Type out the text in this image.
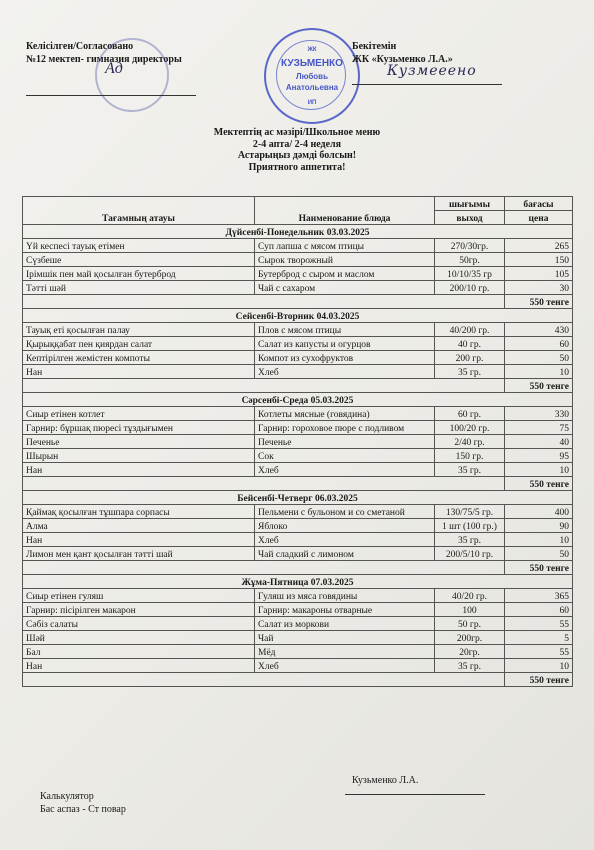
Келісілген/Согласовано
№12 мектеп- гимназия директоры
Ад
ЖК
КУЗЬМЕНКО
Любовь
Анатольевна
ИП
Бекітемін
ЖК «Кузьменко Л.А.»
Кузмееено
Мектептің ас мәзірі/Школьное меню
2-4 апта/ 2-4 неделя
Астарыңыз дәмді болсын!
Приятного аппетита!
Тағамның атауы	Наименование блюда	шығымы	бағасы
		выход	цена
Дүйсенбі-Понедельник 03.03.2025			
Үй кеспесі тауық етімен	Суп лапша с мясом птицы	270/30гр.	265
Сүзбеше	Сырок творожный	50гр.	150
Ірімшік пен май қосылған бутерброд	Бутерброд с сыром и маслом	10/10/35 гр	105
Тәтті шәй	Чай с сахаром	200/10 гр.	30
			550 тенге
Сейсенбі-Вторник 04.03.2025			
Тауық еті қосылған палау	Плов с мясом птицы	40/200 гр.	430
Қырыққабат пен қиярдан салат	Салат из капусты и огурцов	40 гр.	60
Кептірілген жемістен компоты	Компот из сухофруктов	200 гр.	50
Нан	Хлеб	35 гр.	10
			550 тенге
Сәрсенбі-Среда 05.03.2025			
Сиыр етінен котлет	Котлеты мясные (говядина)	60 гр.	330
Гарнир: бұршақ пюресі тұздығымен	Гарнир: гороховое пюре с подливом	100/20 гр.	75
Печенье	Печенье	2/40 гр.	40
Шырын	Сок	150 гр.	95
Нан	Хлеб	35 гр.	10
			550 тенге
Бейсенбі-Четверг 06.03.2025			
Қаймақ қосылған тұшпара сорпасы	Пельмени с бульоном и со сметаной	130/75/5 гр.	400
Алма	Яблоко	1 шт (100 гр.)	90
Нан	Хлеб	35 гр.	10
Лимон мен қант қосылған тәтті шай	Чай сладкий с лимоном	200/5/10 гр.	50
			550 тенге
Жұма-Пятница 07.03.2025			
Сиыр етінен гуляш	Гуляш из мяса говядины	40/20 гр.	365
Гарнир: пісірілген макарон	Гарнир: макароны отварные	100	60
Сәбіз салаты	Салат из моркови	50 гр.	55
Шәй	Чай	200гр.	5
Бал	Мёд	20гр.	55
Нан	Хлеб	35 гр.	10
			550 тенге
Калькулятор
Бас аспаз - Ст повар
Кузьменко Л.А.
